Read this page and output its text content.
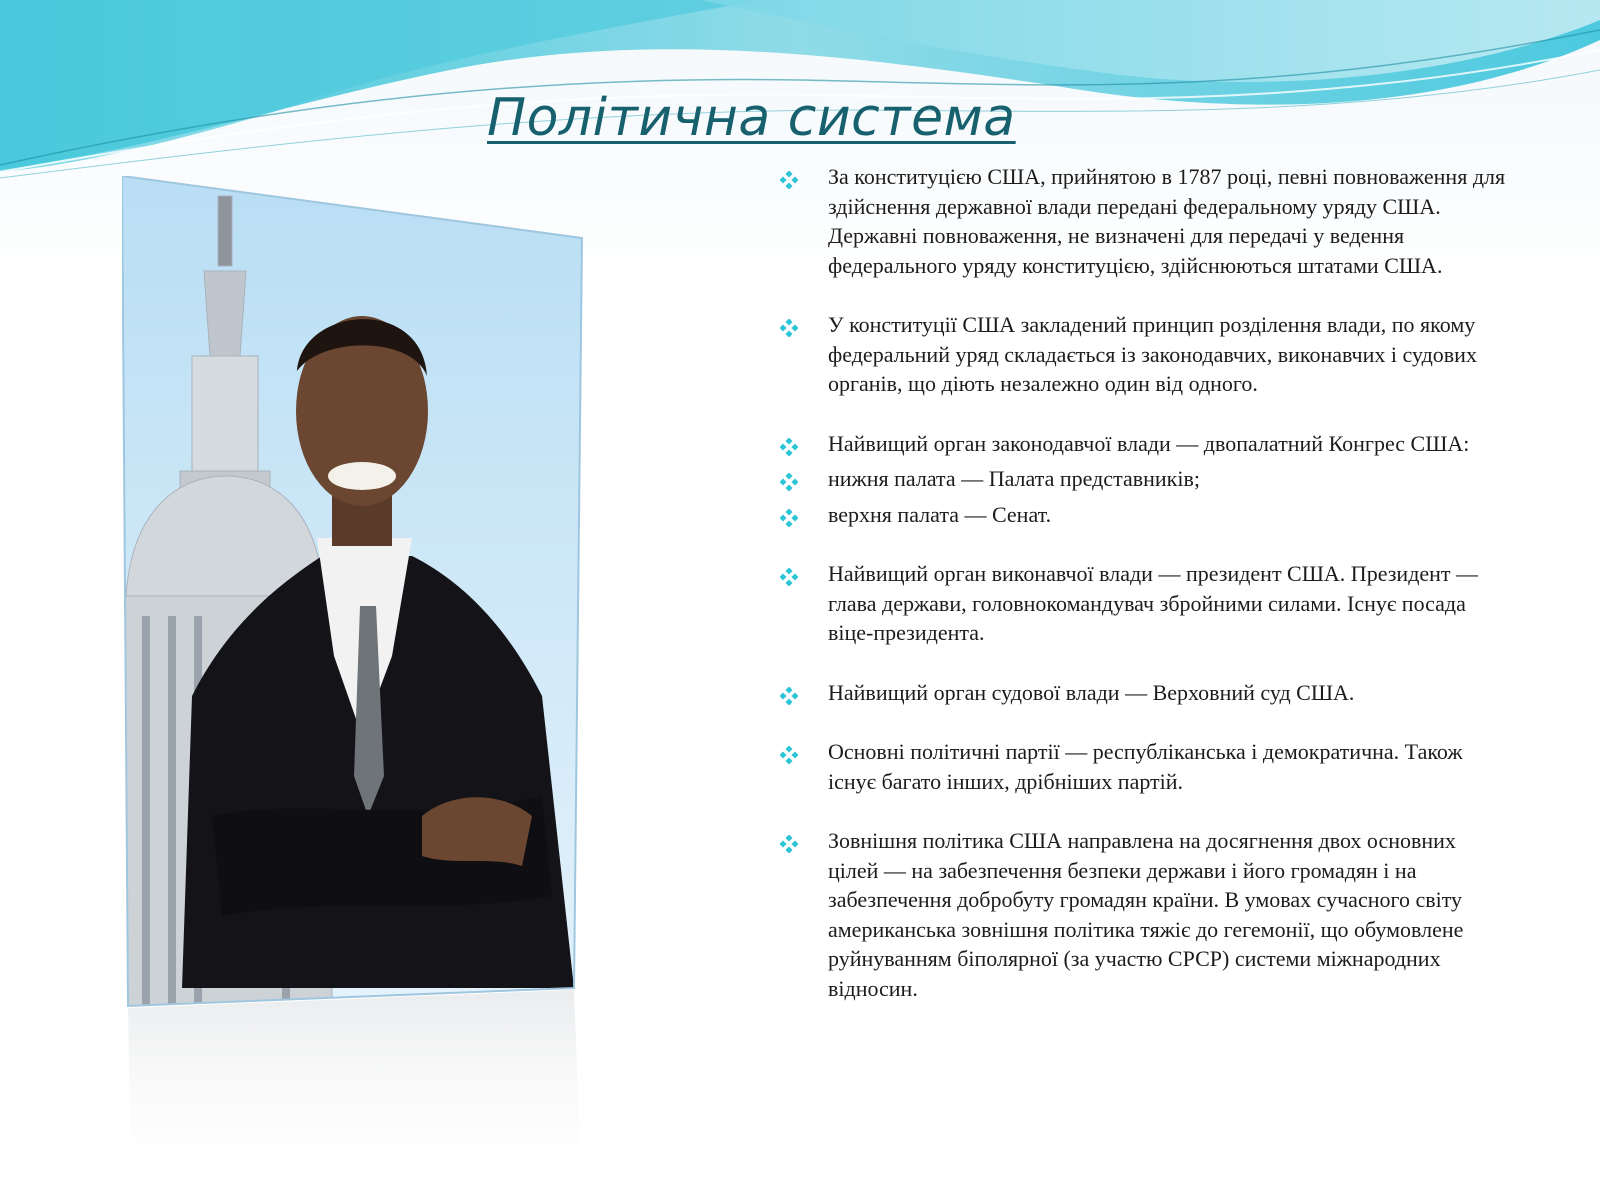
Політична система
За конституцією США, прийнятою в 1787 році, певні повноваження для здійснення державної влади передані федеральному уряду США. Державні повноваження, не визначені для передачі у ведення федерального уряду конституцією, здійснюються штатами США.
У конституції США закладений принцип розділення влади, по якому федеральний уряд складається із законодавчих, виконавчих і судових органів, що діють незалежно один від одного.
Найвищий орган законодавчої влади — двопалатний Конгрес США:
нижня палата — Палата представників;
верхня палата — Сенат.
Найвищий орган виконавчої влади — президент США. Президент — глава держави, головнокомандувач збройними силами. Існує посада віце-президента.
Найвищий орган судової влади — Верховний суд США.
Основні політичні партії — республіканська і демократична. Також існує багато інших, дрібніших партій.
Зовнішня політика США направлена на досягнення двох основних цілей — на забезпечення безпеки держави і його громадян і на забезпечення добробуту громадян країни. В умовах сучасного світу американська зовнішня політика тяжіє до гегемонії, що обумовлене руйнуванням біполярної (за участю СРСР) системи міжнародних відносин.
